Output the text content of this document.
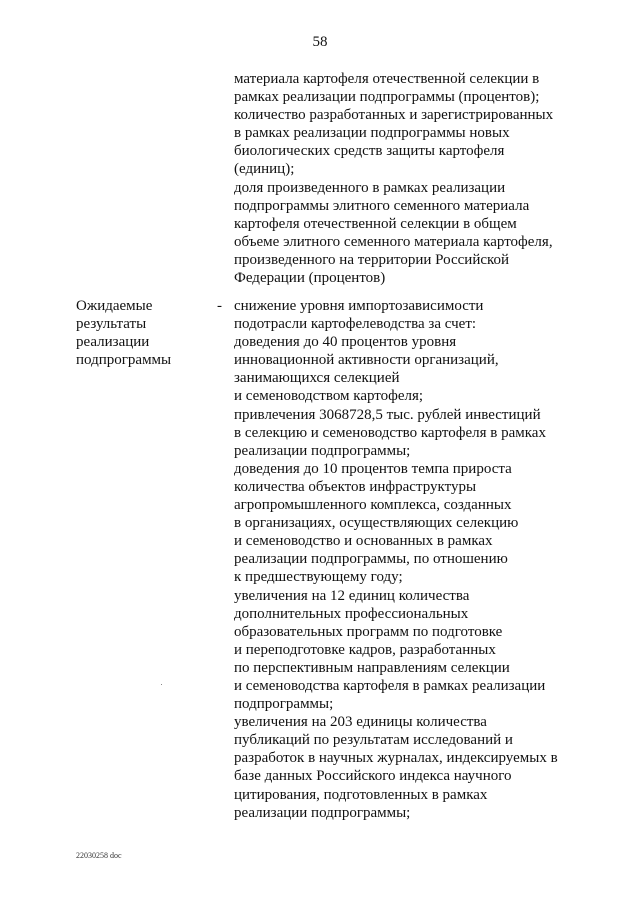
58
материала картофеля отечественной селекции в
рамках реализации подпрограммы (процентов);
количество разработанных и зарегистрированных
в рамках реализации подпрограммы новых
биологических средств защиты картофеля
(единиц);
доля произведенного в рамках реализации
подпрограммы элитного семенного материала
картофеля отечественной селекции в общем
объеме элитного семенного материала картофеля,
произведенного на территории Российской
Федерации (процентов)
Ожидаемые
результаты
реализации
подпрограммы
- снижение уровня импортозависимости
подотрасли картофелеводства за счет:
доведения до 40 процентов уровня
инновационной активности организаций,
занимающихся селекцией
и семеноводством картофеля;
привлечения 3068728,5 тыс. рублей инвестиций
в селекцию и семеноводство картофеля в рамках
реализации подпрограммы;
доведения до 10 процентов темпа прироста
количества объектов инфраструктуры
агропромышленного комплекса, созданных
в организациях, осуществляющих селекцию
и семеноводство и основанных в рамках
реализации подпрограммы, по отношению
к предшествующему году;
увеличения на 12 единиц количества
дополнительных профессиональных
образовательных программ по подготовке
и переподготовке кадров, разработанных
по перспективным направлениям селекции
и семеноводства картофеля в рамках реализации
подпрограммы;
увеличения на 203 единицы количества
публикаций по результатам исследований и
разработок в научных журналах, индексируемых в
базе данных Российского индекса научного
цитирования, подготовленных в рамках
реализации подпрограммы;
22030258 doc
